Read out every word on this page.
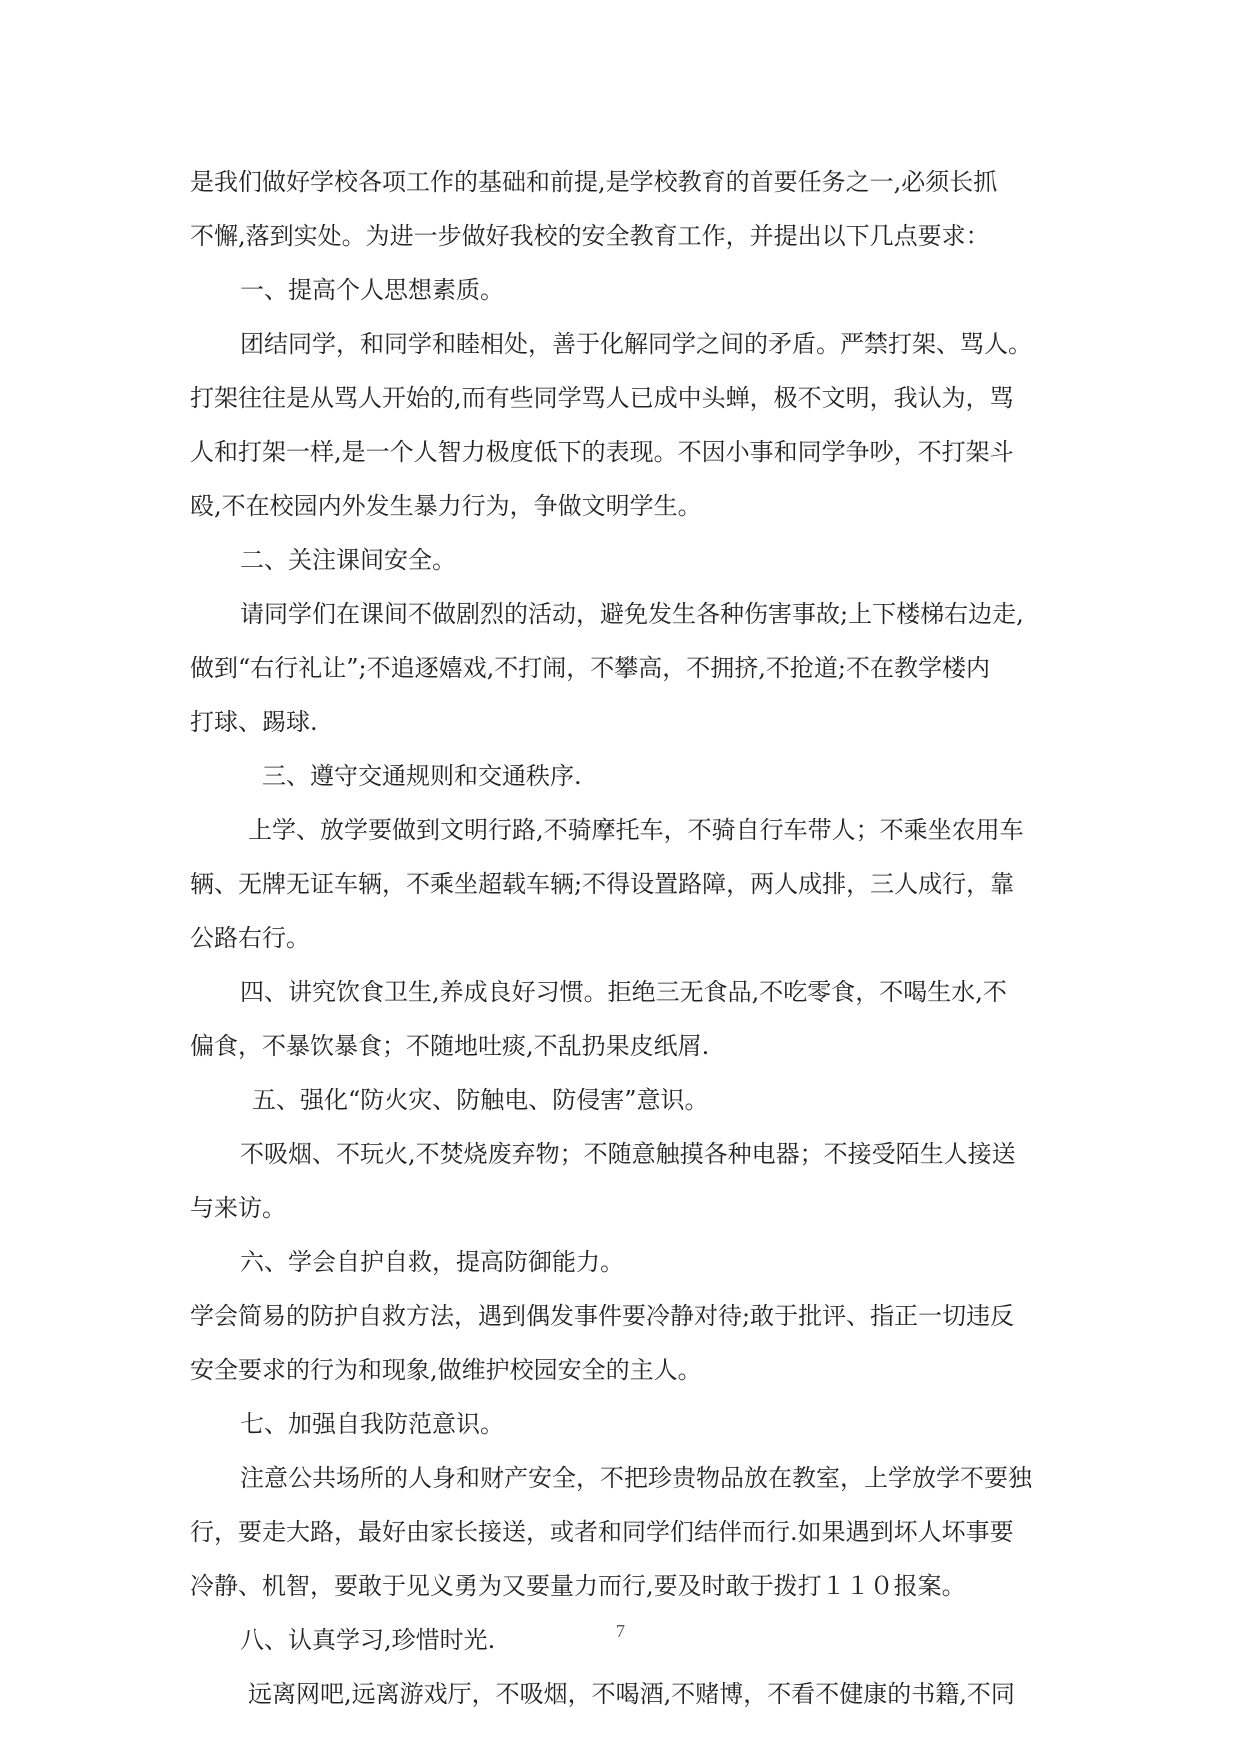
是我们做好学校各项工作的基础和前提,是学校教育的首要任务之一,必须长抓
不懈,落到实处。为进一步做好我校的安全教育工作，并提出以下几点要求：
一、提高个人思想素质。
团结同学，和同学和睦相处，善于化解同学之间的矛盾。严禁打架、骂人。
打架往往是从骂人开始的,而有些同学骂人已成中头蝉，极不文明，我认为，骂
人和打架一样,是一个人智力极度低下的表现。不因小事和同学争吵，不打架斗
殴,不在校园内外发生暴力行为，争做文明学生。
二、关注课间安全。
请同学们在课间不做剧烈的活动，避免发生各种伤害事故;上下楼梯右边走,
做到“右行礼让”;不追逐嬉戏,不打闹，不攀高，不拥挤,不抢道;不在教学楼内
打球、踢球.
三、遵守交通规则和交通秩序.
上学、放学要做到文明行路,不骑摩托车，不骑自行车带人；不乘坐农用车
辆、无牌无证车辆，不乘坐超载车辆;不得设置路障，两人成排，三人成行，靠
公路右行。
四、讲究饮食卫生,养成良好习惯。拒绝三无食品,不吃零食，不喝生水,不
偏食，不暴饮暴食；不随地吐痰,不乱扔果皮纸屑.
五、强化“防火灾、防触电、防侵害”意识。
不吸烟、不玩火,不焚烧废弃物；不随意触摸各种电器；不接受陌生人接送
与来访。
六、学会自护自救，提高防御能力。
学会简易的防护自救方法，遇到偶发事件要冷静对待;敢于批评、指正一切违反
安全要求的行为和现象,做维护校园安全的主人。
七、加强自我防范意识。
注意公共场所的人身和财产安全，不把珍贵物品放在教室，上学放学不要独
行，要走大路，最好由家长接送，或者和同学们结伴而行.如果遇到坏人坏事要
冷静、机智，要敢于见义勇为又要量力而行,要及时敢于拨打１１０报案。
八、认真学习,珍惜时光.
远离网吧,远离游戏厅，不吸烟，不喝酒,不赌博，不看不健康的书籍,不同
7
